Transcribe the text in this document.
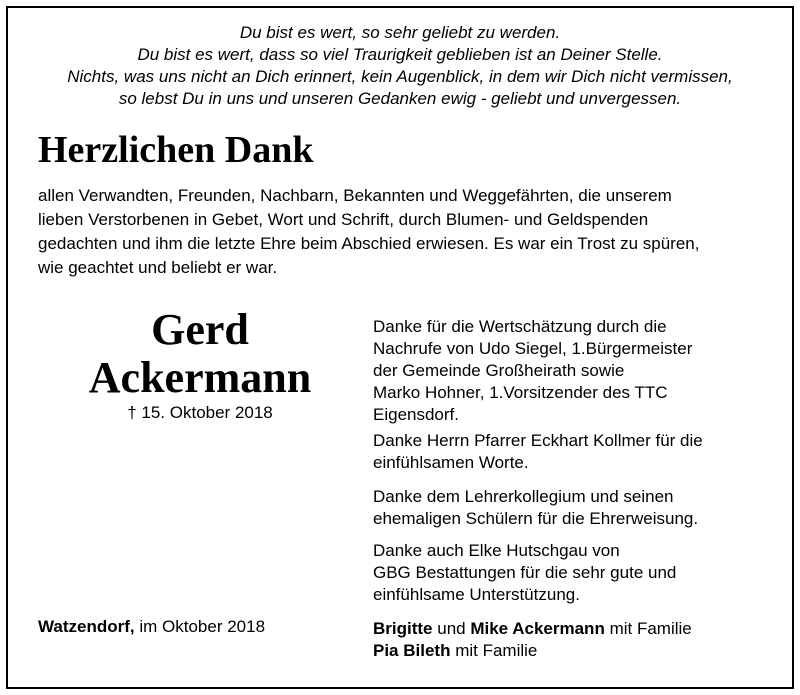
Du bist es wert, so sehr geliebt zu werden.
Du bist es wert, dass so viel Traurigkeit geblieben ist an Deiner Stelle.
Nichts, was uns nicht an Dich erinnert, kein Augenblick, in dem wir Dich nicht vermissen,
so lebst Du in uns und unseren Gedanken ewig - geliebt und unvergessen.
Herzlichen Dank
allen Verwandten, Freunden, Nachbarn, Bekannten und Weggefährten, die unserem
lieben Verstorbenen in Gebet, Wort und Schrift, durch Blumen- und Geldspenden
gedachten und ihm die letzte Ehre beim Abschied erwiesen. Es war ein Trost zu spüren,
wie geachtet und beliebt er war.
Gerd
Ackermann
† 15. Oktober 2018
Danke für die Wertschätzung durch die
Nachrufe von Udo Siegel, 1.Bürgermeister
der Gemeinde Großheirath sowie
Marko Hohner, 1.Vorsitzender des TTC
Eigensdorf.
Danke Herrn Pfarrer Eckhart Kollmer für die
einfühlsamen Worte.
Danke dem Lehrerkollegium und seinen
ehemaligen Schülern für die Ehrerweisung.
Danke auch Elke Hutschgau von
GBG Bestattungen für die sehr gute und
einfühlsame Unterstützung.
Watzendorf, im Oktober 2018	Brigitte und Mike Ackermann mit Familie
Pia Bileth mit Familie
